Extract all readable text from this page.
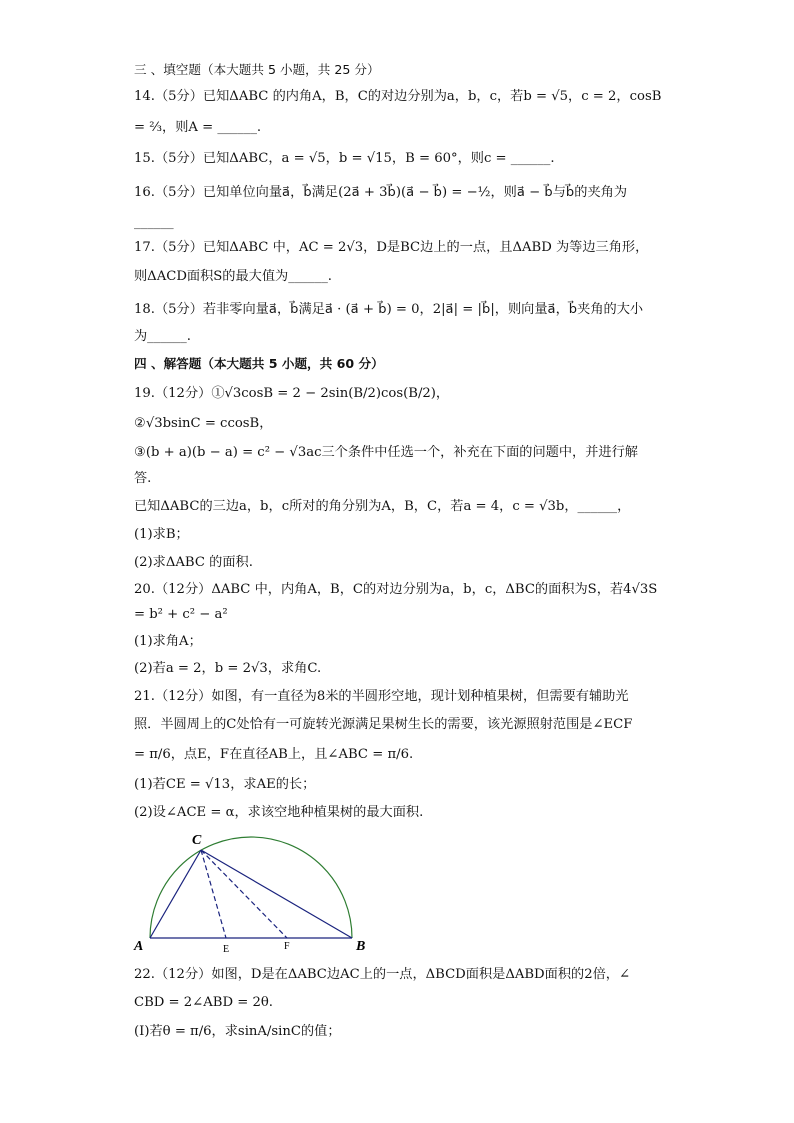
三 、填空题（本大题共 5 小题，共 25 分）
14.（5分）已知ΔABC 的内角A，B，C的对边分别为a，b，c，若b = √5，c = 2，cosB
= ⅔，则A = ______.
15.（5分）已知ΔABC，a = √5，b = √15，B = 60°，则c = ______.
16.（5分）已知单位向量a⃗，b⃗满足(2a⃗ + 3b⃗)(a⃗ − b⃗) = −½，则a⃗ − b⃗与b⃗的夹角为
______
17.（5分）已知ΔABC 中，AC = 2√3，D是BC边上的一点，且ΔABD 为等边三角形，
则ΔACD面积S的最大值为______.
18.（5分）若非零向量a⃗，b⃗满足a⃗ · (a⃗ + b⃗) = 0，2|a⃗| = |b⃗|，则向量a⃗，b⃗夹角的大小
为______.
四 、解答题（本大题共 5 小题，共 60 分）
19.（12分）①√3cosB = 2 − 2sin(B/2)cos(B/2)，
②√3bsinC = ccosB，
③(b + a)(b − a) = c² − √3ac三个条件中任选一个，补充在下面的问题中，并进行解
答.
已知ΔABC的三边a，b，c所对的角分别为A，B，C，若a = 4，c = √3b，______，
(1)求B；
(2)求ΔABC 的面积.
20.（12分）ΔABC 中，内角A，B，C的对边分别为a，b，c，ΔBC的面积为S，若4√3S
= b² + c² − a²
(1)求角A；
(2)若a = 2，b = 2√3，求角C.
21.（12分）如图，有一直径为8米的半圆形空地，现计划种植果树，但需要有辅助光
照．半圆周上的C处恰有一可旋转光源满足果树生长的需要，该光源照射范围是∠ECF
= π/6，点E，F在直径AB上，且∠ABC = π/6.
(1)若CE = √13，求AE的长；
(2)设∠ACE = α，求该空地种植果树的最大面积.
C
A	B
E	F
22.（12分）如图，D是在ΔABC边AC上的一点，ΔBCD面积是ΔABD面积的2倍，∠
CBD = 2∠ABD = 2θ.
(Ⅰ)若θ = π/6，求sinA/sinC的值；
